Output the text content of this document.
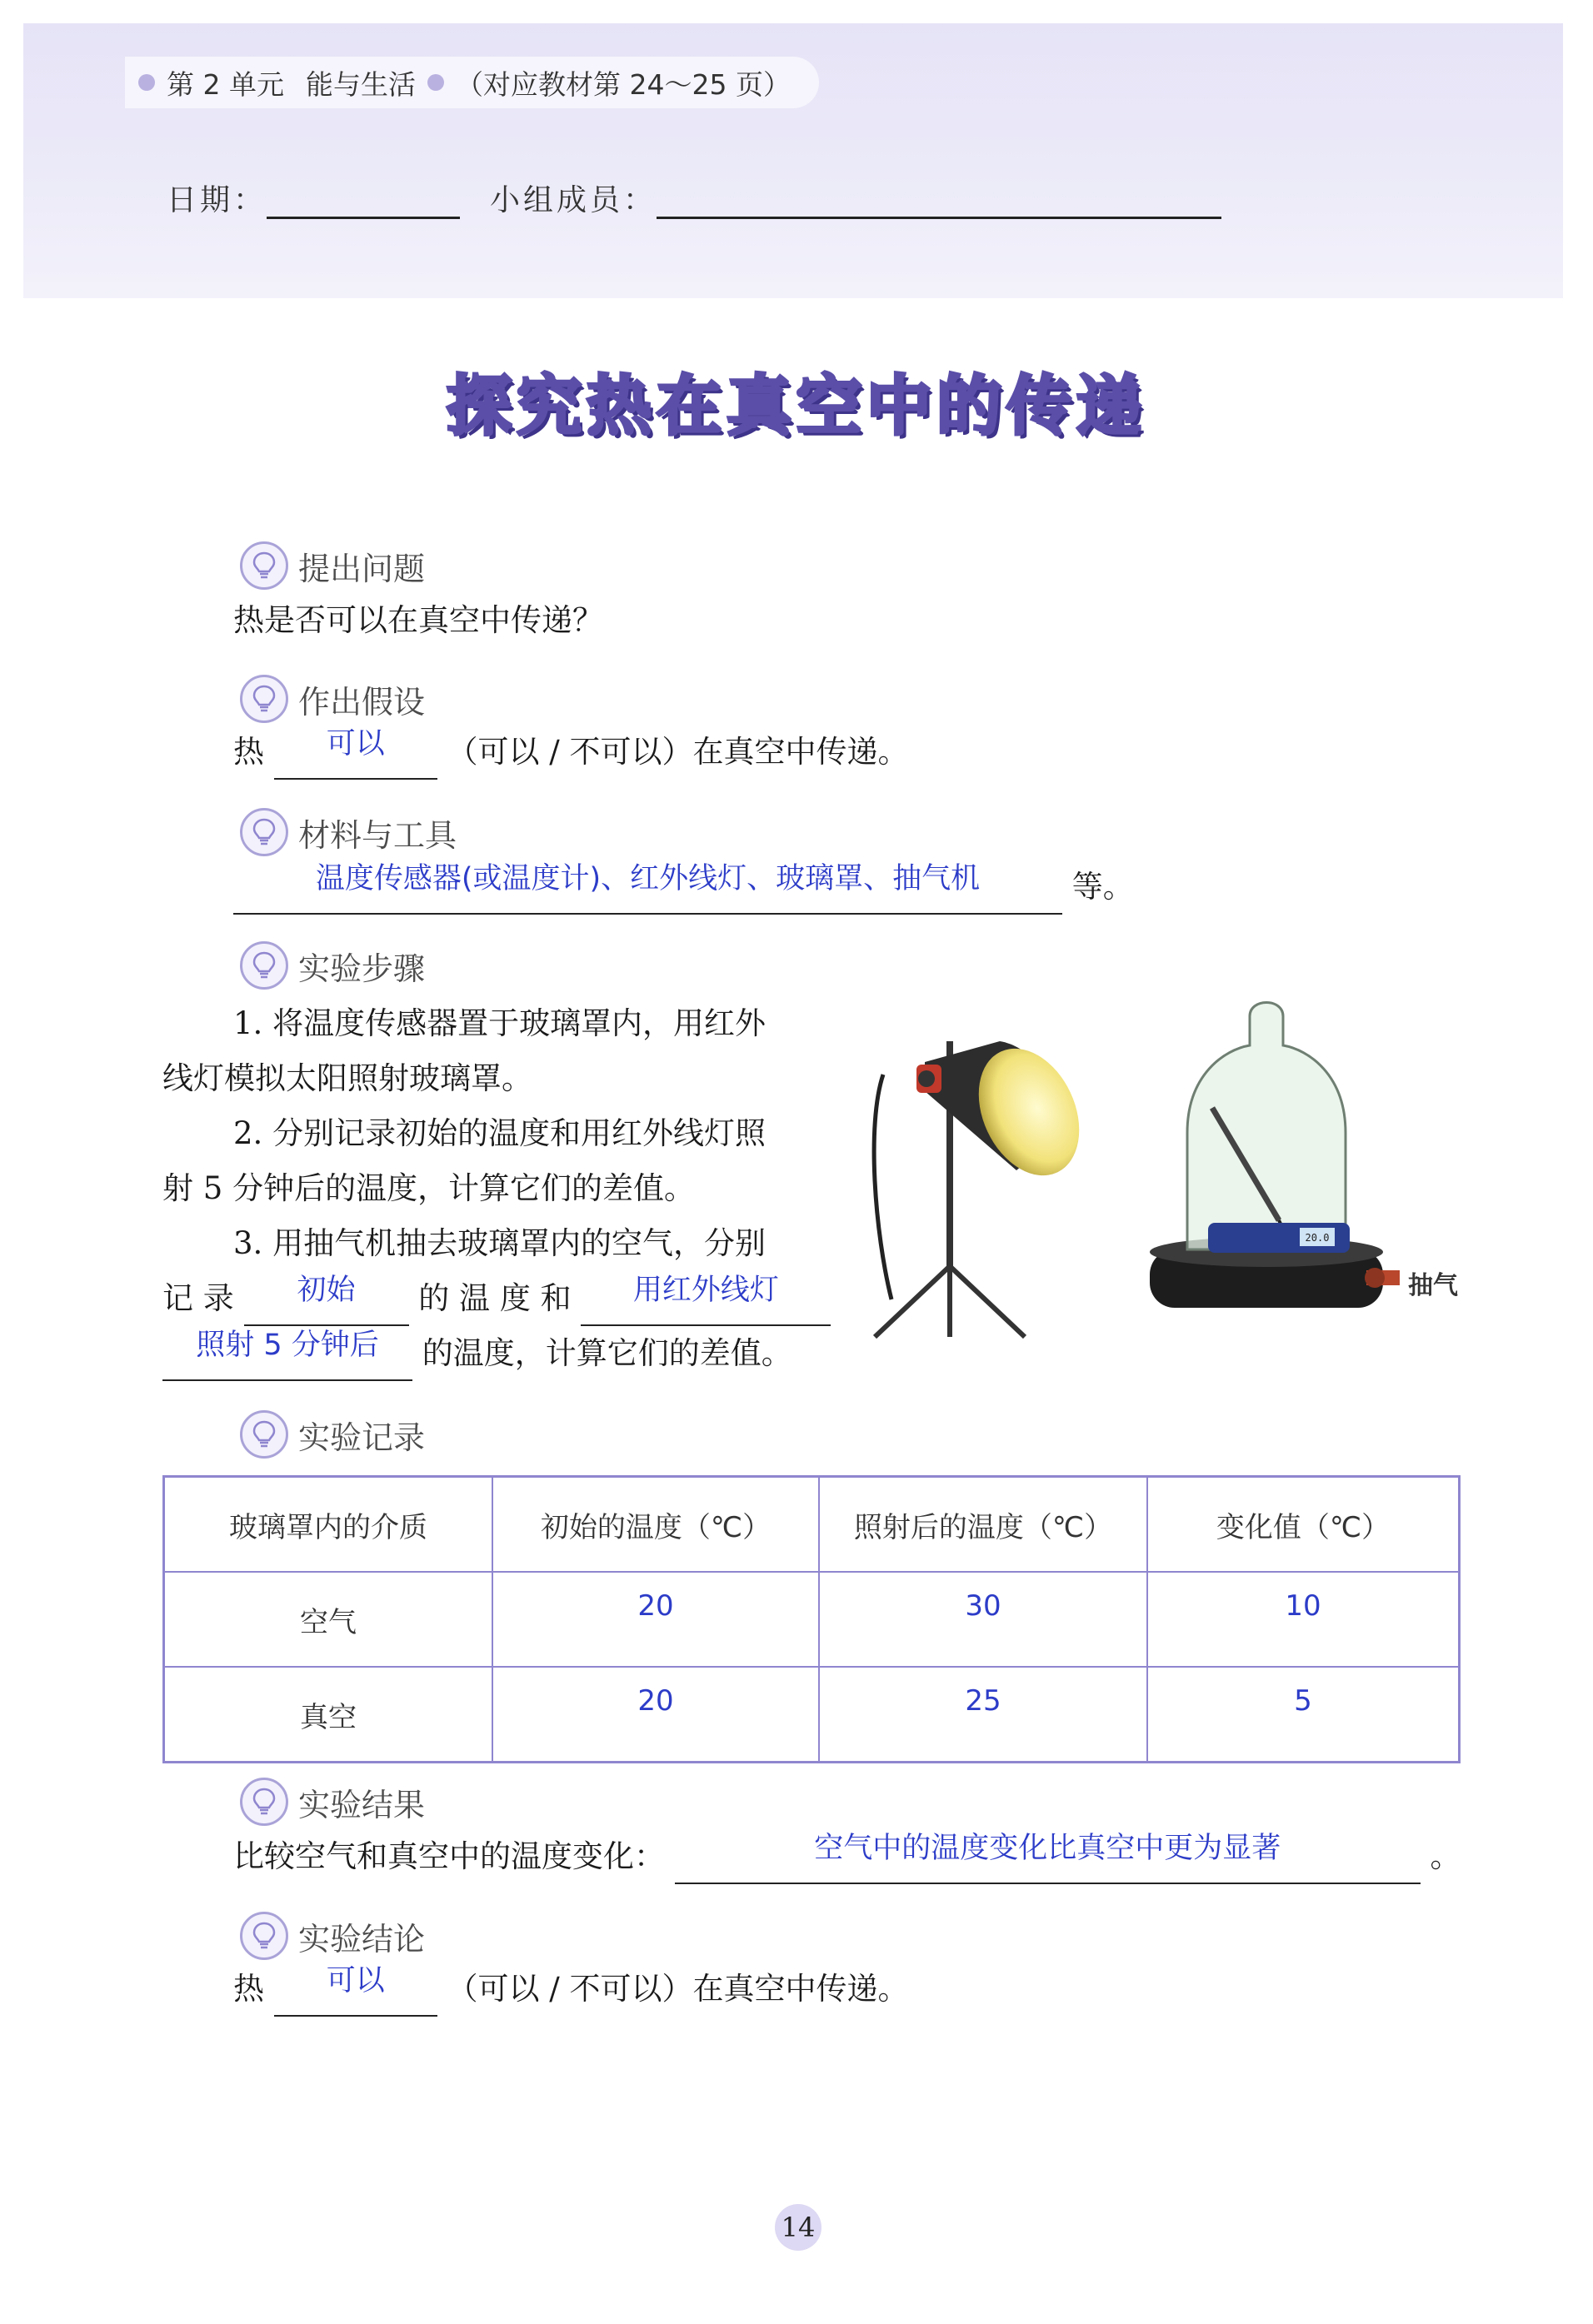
第 2 单元 能与生活 （对应教材第 24～25 页）
日期：	小组成员：
探究热在真空中的传递
提出问题
热是否可以在真空中传递？
作出假设
热 可以 （可以 / 不可以）在真空中传递。
材料与工具
温度传感器(或温度计)、红外线灯、玻璃罩、抽气机	等。
实验步骤
1. 将温度传感器置于玻璃罩内，用红外
线灯模拟太阳照射玻璃罩。
2. 分别记录初始的温度和用红外线灯照
射 5 分钟后的温度，计算它们的差值。
3. 用抽气机抽去玻璃罩内的空气，分别
记 录 初始 的 温 度 和 用红外线灯
照射 5 分钟后 的温度，计算它们的差值。
20.0
抽气
实验记录
玻璃罩内的介质	初始的温度（℃）	照射后的温度（℃）	变化值（℃）
空气	20	30	10
真空	20	25	5
实验结果
比较空气和真空中的温度变化：	空气中的温度变化比真空中更为显著	。
实验结论
热 可以 （可以 / 不可以）在真空中传递。
14
